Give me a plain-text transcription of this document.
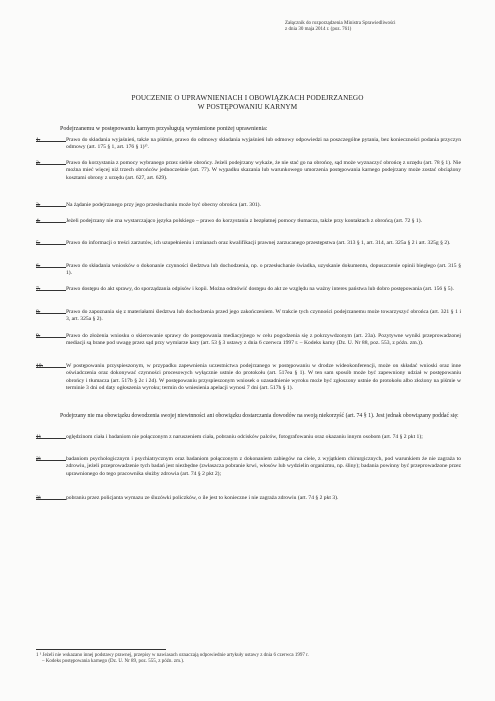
Załącznik do rozporządzenia Ministra Sprawiedliwości
z dnia 30 maja 2014 r. (poz. 761)
POUCZENIE O UPRAWNIENIACH I OBOWIĄZKACH PODEJRZANEGO
W POSTĘPOWANIU KARNYM
Podejrzanemu w postępowaniu karnym przysługują wymienione poniżej uprawnienia:
1.	Prawo do składania wyjaśnień, także na piśmie, prawo do odmowy składania wyjaśnień lub odmowy odpowiedzi na poszczególne pytania, bez konieczności podania przyczyn odmowy (art. 175 § 1, art. 176 § 1)¹⁾.
2.	Prawo do korzystania z pomocy wybranego przez siebie obrońcy. Jeżeli podejrzany wykaże, że nie stać go na obrońcę, sąd może wyznaczyć obrońcę z urzędu (art. 78 § 1). Nie można mieć więcej niż trzech obrońców jednocześnie (art. 77). W wypadku skazania lub warunkowego umorzenia postępowania karnego podejrzany może zostać obciążony kosztami obrony z urzędu (art. 627, art. 629).
3.	Na żądanie podejrzanego przy jego przesłuchaniu może być obecny obrońca (art. 301).
4.	Jeżeli podejrzany nie zna wystarczająco języka polskiego – prawo do korzystania z bezpłatnej pomocy tłumacza, także przy kontaktach z obrońcą (art. 72 § 1).
5.	Prawo do informacji o treści zarzutów, ich uzupełnieniu i zmianach oraz kwalifikacji prawnej zarzucanego przestępstwa (art. 313 § 1, art. 314, art. 325a § 2 i art. 325g § 2).
6.	Prawo do składania wniosków o dokonanie czynności śledztwa lub dochodzenia, np. o przesłuchanie świadka, uzyskanie dokumentu, dopuszczenie opinii biegłego (art. 315 § 1).
7.	Prawo dostępu do akt sprawy, do sporządzania odpisów i kopii. Można odmówić dostępu do akt ze względu na ważny interes państwa lub dobro postępowania (art. 156 § 5).
8.	Prawo do zapoznania się z materiałami śledztwa lub dochodzenia przed jego zakończeniem. W trakcie tych czynności podejrzanemu może towarzyszyć obrońca (art. 321 § 1 i 3, art. 325a § 2).
9.	Prawo do złożenia wniosku o skierowanie sprawy do postępowania mediacyjnego w celu pogodzenia się z pokrzywdzonym (art. 23a). Pozytywne wyniki przeprowadzonej mediacji są brane pod uwagę przez sąd przy wymiarze kary (art. 53 § 3 ustawy z dnia 6 czerwca 1997 r. – Kodeks karny (Dz. U. Nr 88, poz. 553, z późn. zm.)).
10.	W postępowaniu przyspieszonym, w przypadku zapewnienia uczestnictwa podejrzanego w postępowaniu w drodze wideokonferencji, może on składać wnioski oraz inne oświadczenia oraz dokonywać czynności procesowych wyłącznie ustnie do protokołu (art. 517ea § 1). W ten sam sposób może być zapewniony udział w postępowaniu obrońcy i tłumacza (art. 517b § 2c i 2d). W postępowaniu przyspieszonym wniosek o uzasadnienie wyroku może być zgłoszony ustnie do protokołu albo złożony na piśmie w terminie 3 dni od daty ogłoszenia wyroku; termin do wniesienia apelacji wynosi 7 dni (art. 517h § 1).
Podejrzany nie ma obowiązku dowodzenia swojej niewinności ani obowiązku dostarczania dowodów na swoją niekorzyść (art. 74 § 1). Jest jednak obowiązany poddać się:
1)	oględzinom ciała i badaniom nie połączonym z naruszeniem ciała, pobraniu odcisków palców, fotografowaniu oraz okazaniu innym osobom (art. 74 § 2 pkt 1);
2)	badaniom psychologicznym i psychiatrycznym oraz badaniom połączonym z dokonaniem zabiegów na ciele, z wyjątkiem chirurgicznych, pod warunkiem że nie zagraża to zdrowiu, jeżeli przeprowadzenie tych badań jest niezbędne (zwłaszcza pobranie krwi, włosów lub wydzielin organizmu, np. śliny); badania powinny być przeprowadzone przez uprawnionego do tego pracownika służby zdrowia (art. 74 § 2 pkt 2);
3)	pobraniu przez policjanta wymazu ze śluzówki policzków, o ile jest to konieczne i nie zagraża zdrowiu (art. 74 § 2 pkt 3).
1 ¹ Jeżeli nie wskazano innej podstawy prawnej, przepisy w nawiasach oznaczają odpowiednie artykuły ustawy z dnia 6 czerwca 1997 r.
– Kodeks postępowania karnego (Dz. U. Nr 89, poz. 555, z późn. zm.).
